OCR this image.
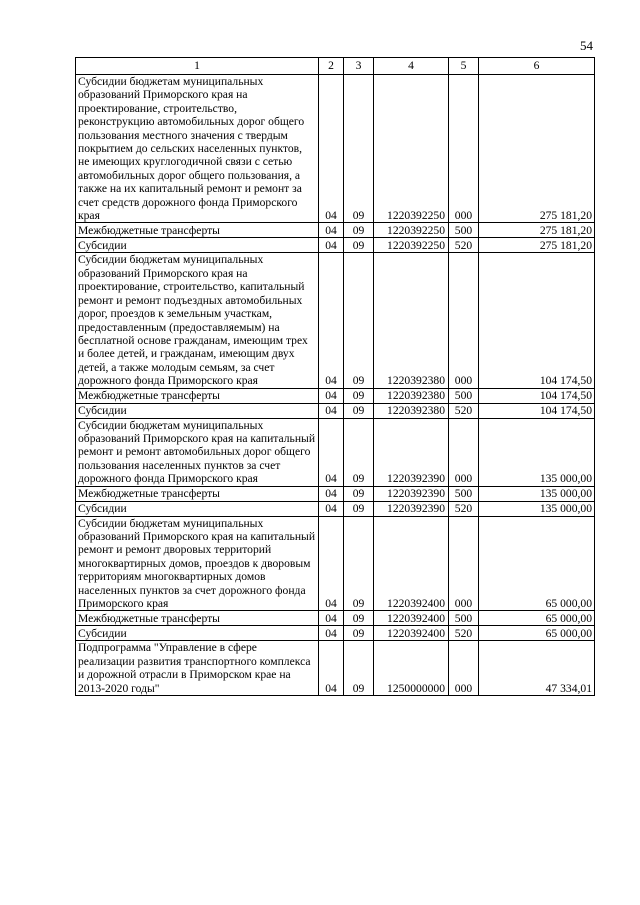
54
1	2	3	4	5	6
Субсидии бюджетам муниципальных образований Приморского края на проектирование, строительство, реконструкцию автомобильных дорог общего пользования местного значения с твердым покрытием до сельских населенных пунктов, не имеющих круглогодичной связи с сетью автомобильных дорог общего пользования, а также на их капитальный ремонт и ремонт за счет средств дорожного фонда Приморского края	04	09	1220392250	000	275 181,20
Межбюджетные трансферты	04	09	1220392250	500	275 181,20
Субсидии	04	09	1220392250	520	275 181,20
Субсидии бюджетам муниципальных образований Приморского края на проектирование, строительство, капитальный ремонт и ремонт подъездных автомобильных дорог, проездов к земельным участкам, предоставленным (предоставляемым) на бесплатной основе гражданам, имеющим трех и более детей, и гражданам, имеющим двух детей, а также молодым семьям, за счет дорожного фонда Приморского края	04	09	1220392380	000	104 174,50
Межбюджетные трансферты	04	09	1220392380	500	104 174,50
Субсидии	04	09	1220392380	520	104 174,50
Субсидии бюджетам муниципальных образований Приморского края на капитальный ремонт и ремонт автомобильных дорог общего пользования населенных пунктов за счет дорожного фонда Приморского края	04	09	1220392390	000	135 000,00
Межбюджетные трансферты	04	09	1220392390	500	135 000,00
Субсидии	04	09	1220392390	520	135 000,00
Субсидии бюджетам муниципальных образований Приморского края на капитальный ремонт и ремонт дворовых территорий многоквартирных домов, проездов к дворовым территориям многоквартирных домов населенных пунктов за счет дорожного фонда Приморского края	04	09	1220392400	000	65 000,00
Межбюджетные трансферты	04	09	1220392400	500	65 000,00
Субсидии	04	09	1220392400	520	65 000,00
Подпрограмма "Управление в сфере реализации развития транспортного комплекса и дорожной отрасли в Приморском крае на 2013-2020 годы"	04	09	1250000000	000	47 334,01
